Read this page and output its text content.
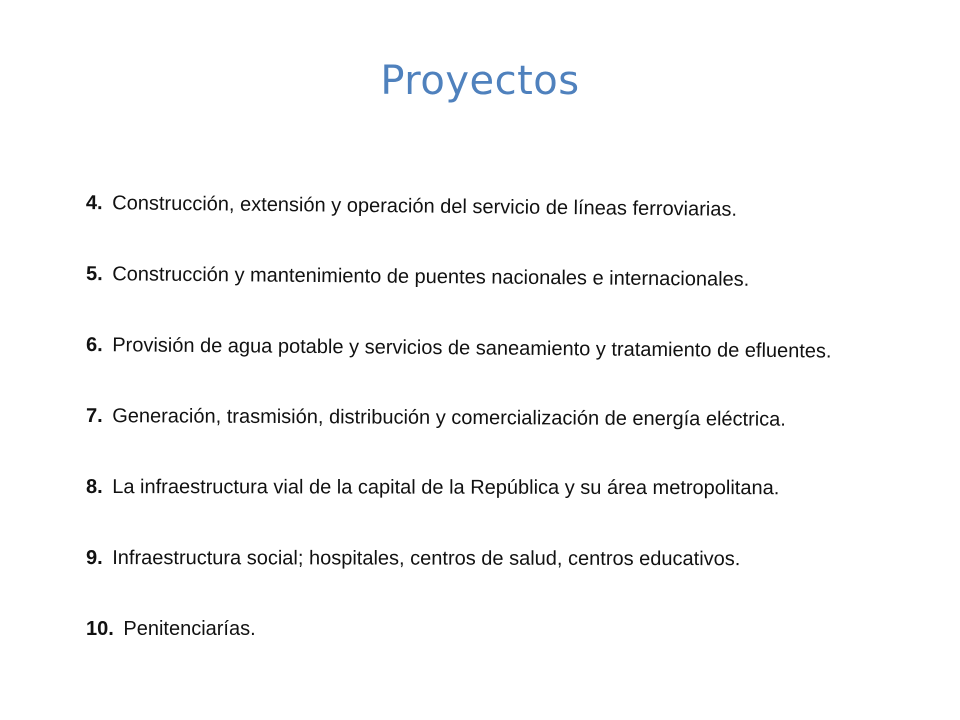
Proyectos
4. Construcción, extensión y operación del servicio de líneas ferroviarias.
5. Construcción y mantenimiento de puentes nacionales e internacionales.
6. Provisión de agua potable y servicios de saneamiento y tratamiento de efluentes.
7. Generación, trasmisión, distribución y comercialización de energía eléctrica.
8. La infraestructura vial de la capital de la República y su área metropolitana.
9. Infraestructura social; hospitales, centros de salud, centros educativos.
10. Penitenciarías.
